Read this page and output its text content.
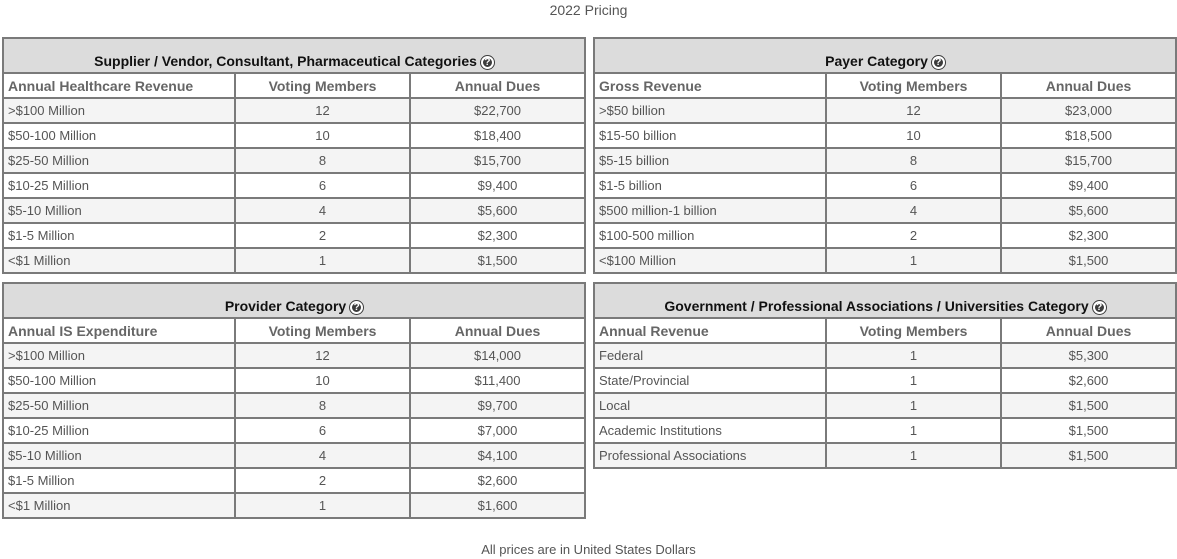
2022 Pricing
Supplier / Vendor, Consultant, Pharmaceutical Categories ?		
Annual Healthcare Revenue	Voting Members	Annual Dues
>$100 Million	12	$22,700
$50-100 Million	10	$18,400
$25-50 Million	8	$15,700
$10-25 Million	6	$9,400
$5-10 Million	4	$5,600
$1-5 Million	2	$2,300
<$1 Million	1	$1,500
Payer Category ?		
Gross Revenue	Voting Members	Annual Dues
>$50 billion	12	$23,000
$15-50 billion	10	$18,500
$5-15 billion	8	$15,700
$1-5 billion	6	$9,400
$500 million-1 billion	4	$5,600
$100-500 million	2	$2,300
<$100 Million	1	$1,500
Provider Category ?		
Annual IS Expenditure	Voting Members	Annual Dues
>$100 Million	12	$14,000
$50-100 Million	10	$11,400
$25-50 Million	8	$9,700
$10-25 Million	6	$7,000
$5-10 Million	4	$4,100
$1-5 Million	2	$2,600
<$1 Million	1	$1,600
Government / Professional Associations / Universities Category ?		
Annual Revenue	Voting Members	Annual Dues
Federal	1	$5,300
State/Provincial	1	$2,600
Local	1	$1,500
Academic Institutions	1	$1,500
Professional Associations	1	$1,500
All prices are in United States Dollars
